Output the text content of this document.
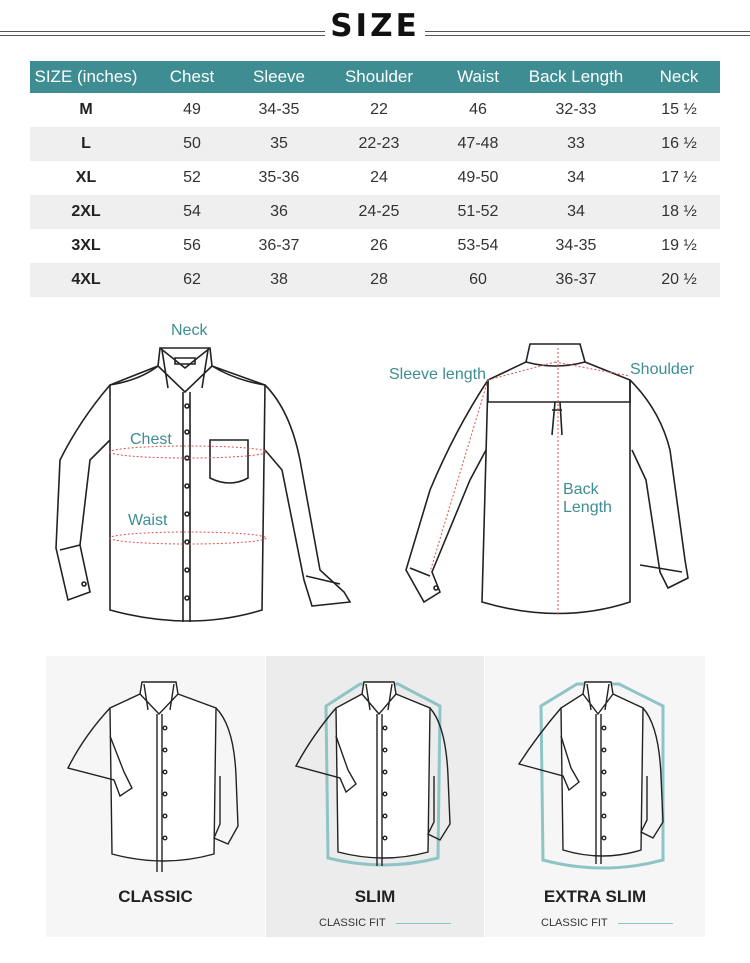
SIZE
SIZE (inches)	Chest	Sleeve	Shoulder	Waist	Back Length	Neck
M	49	34-35	22	46	32-33	15 ½
L	50	35	22-23	47-48	33	16 ½
XL	52	35-36	24	49-50	34	17 ½
2XL	54	36	24-25	51-52	34	18 ½
3XL	56	36-37	26	53-54	34-35	19 ½
4XL	62	38	28	60	36-37	20 ½
Neck
Chest
Waist
Sleeve length	Shoulder
Back
Length
CLASSIC	SLIM
CLASSIC FIT
EXTRA SLIM
CLASSIC FIT
